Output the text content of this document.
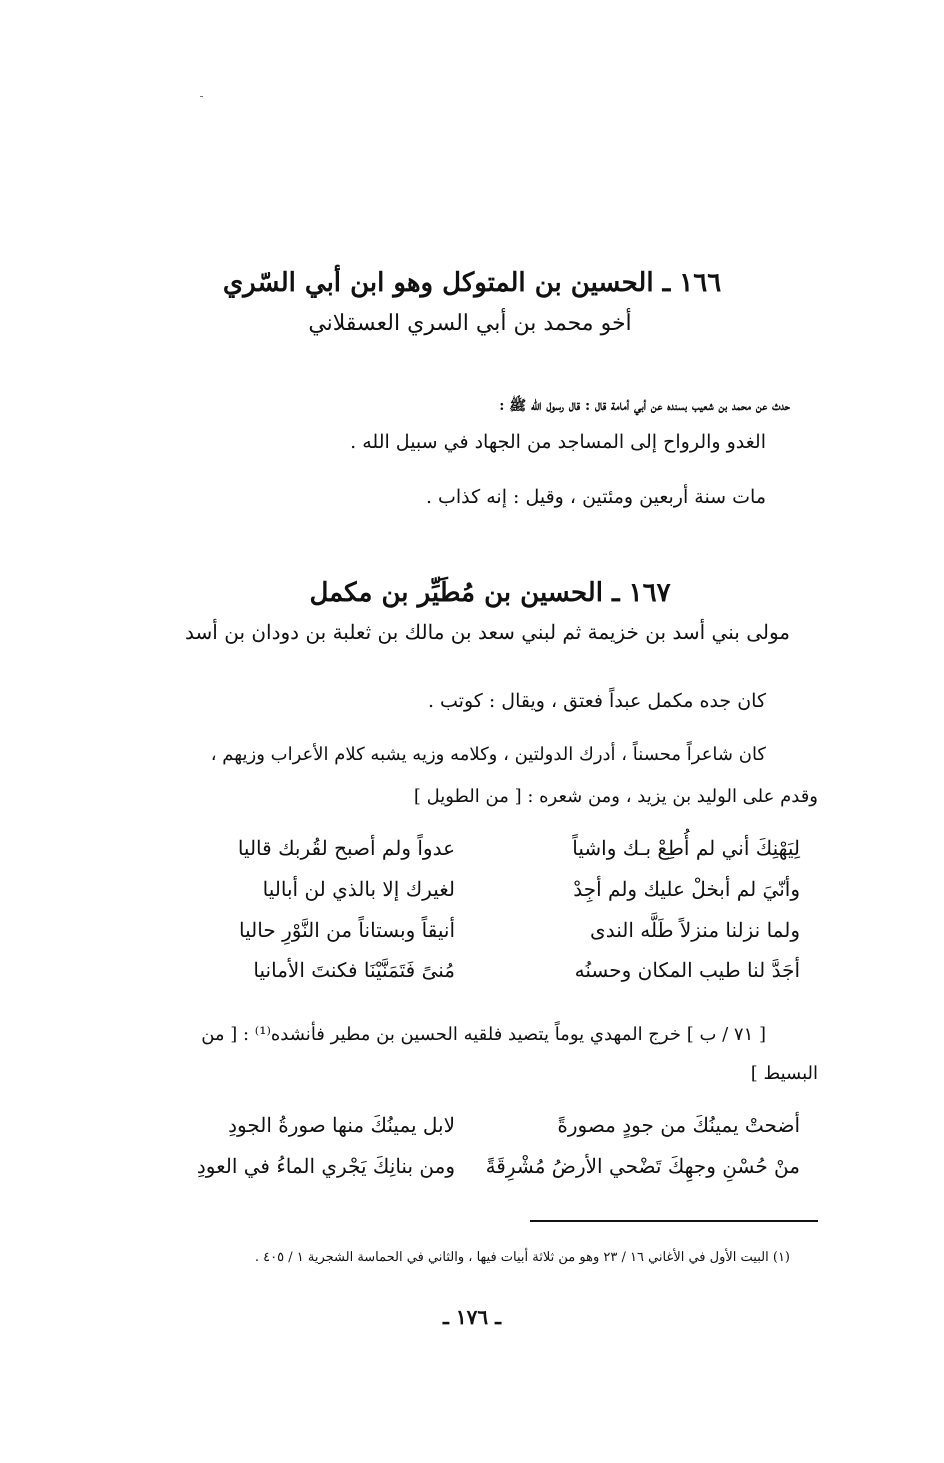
١٦٦ ـ الحسين بن المتوكل وهو ابن أبي السّري
أخو محمد بن أبي السري العسقلاني
حدث عن محمد بن شعيب بسنده عن أبي أمامة قال : قال رسول الله ﷺ :
الغدو والرواح إلى المساجد من الجهاد في سبيل الله .
مات سنة أربعين ومئتين ، وقيل : إنه كذاب .
١٦٧ ـ الحسين بن مُطَيِّر بن مكمل
مولى بني أسد بن خزيمة ثم لبني سعد بن مالك بن ثعلبة بن دودان بن أسد
كان جده مكمل عبداً فعتق ، ويقال : كوتب .
كان شاعراً محسناً ، أدرك الدولتين ، وكلامه وزيه يشبه كلام الأعراب وزيهم ،
وقدم على الوليد بن يزيد ، ومن شعره : [ من الطويل ]
لِيَهْنِكَ أني لم أُطِعْ بـك واشياً
عدواً ولم أصبح لقُربك قاليا
وأنّيَ لم أبخلْ عليك ولم أجِدْ
لغيرك إلا بالذي لن أباليا
ولما نزلنا منزلاً طَلَّه الندى
أنيقاً وبستاناً من النَّوْرِ حاليا
أجَدَّ لنا طيب المكان وحسنُه
مُنىً فَتَمَنَّيْنَا فكنتَ الأمانيا
[ ٧١ / ب ] خرج المهدي يوماً يتصيد فلقيه الحسين بن مطير فأنشده⁽¹⁾ : [ من
البسيط ]
أضحتْ يمينُكَ من جودٍ مصورةً
لابل يمينُكَ منها صورةُ الجودِ
منْ حُسْنِ وجهِكَ تَضْحي الأرضُ مُشْرِقَةً
ومن بنانِكَ يَجْري الماءُ في العودِ
(١) البيت الأول في الأغاني ١٦ / ٢٣ وهو من ثلاثة أبيات فيها ، والثاني في الحماسة الشجرية ١ / ٤٠٥ .
ـ ١٧٦ ـ
